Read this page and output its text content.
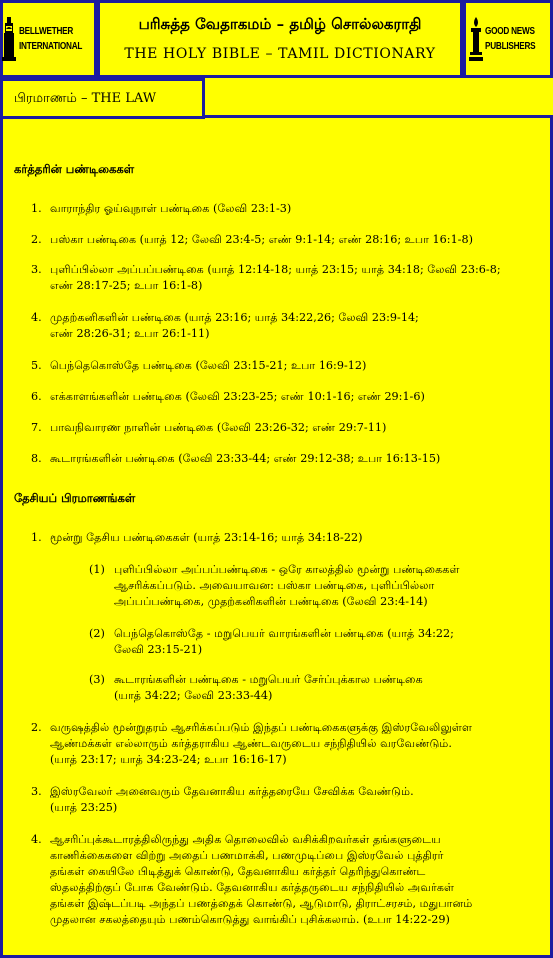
BELLWETHER
INTERNATIONAL
பரிசுத்த வேதாகமம் – தமிழ் சொல்லகராதி
THE HOLY BIBLE – TAMIL DICTIONARY
GOOD NEWS
PUBLISHERS
பிரமாணம் – THE LAW
கர்த்தரின் பண்டிகைகள்
1. வாராந்திர ஓய்வுநாள் பண்டிகை (லேவி 23:1-3)
2. பஸ்கா பண்டிகை (யாத் 12; லேவி 23:4-5; எண் 9:1-14; எண் 28:16; உபா 16:1-8)
3. புளிப்பில்லா அப்பப்பண்டிகை (யாத் 12:14-18; யாத் 23:15; யாத் 34:18; லேவி 23:6-8;
எண் 28:17-25; உபா 16:1-8)
4. முதற்கனிகளின் பண்டிகை (யாத் 23:16; யாத் 34:22,26; லேவி 23:9-14;
எண் 28:26-31; உபா 26:1-11)
5. பெந்தெகொஸ்தே பண்டிகை (லேவி 23:15-21; உபா 16:9-12)
6. எக்காளங்களின் பண்டிகை (லேவி 23:23-25; எண் 10:1-16; எண் 29:1-6)
7. பாவநிவாரண நாளின் பண்டிகை (லேவி 23:26-32; எண் 29:7-11)
8. கூடாரங்களின் பண்டிகை (லேவி 23:33-44; எண் 29:12-38; உபா 16:13-15)
தேசியப் பிரமாணங்கள்
1. மூன்று தேசிய பண்டிகைகள் (யாத் 23:14-16; யாத் 34:18-22)
(1) புளிப்பில்லா அப்பப்பண்டிகை - ஒரே காலத்தில் மூன்று பண்டிகைகள்
ஆசரிக்கப்படும். அவையாவன: பஸ்கா பண்டிகை, புளிப்பில்லா
அப்பப்பண்டிகை, முதற்கனிகளின் பண்டிகை (லேவி 23:4-14)
(2) பெந்தெகொஸ்தே - மறுபெயர் வாரங்களின் பண்டிகை (யாத் 34:22;
லேவி 23:15-21)
(3) கூடாரங்களின் பண்டிகை - மறுபெயர் சேர்ப்புக்கால பண்டிகை
(யாத் 34:22; லேவி 23:33-44)
2. வருஷத்தில் மூன்றுதரம் ஆசரிக்கப்படும் இந்தப் பண்டிகைகளுக்கு இஸ்ரவேலிலுள்ள
ஆண்மக்கள் எல்லாரும் கர்த்தராகிய ஆண்டவருடைய சந்நிதியில் வரவேண்டும்.
(யாத் 23:17; யாத் 34:23-24; உபா 16:16-17)
3. இஸ்ரவேலர் அனைவரும் தேவனாகிய கர்த்தரையே சேவிக்க வேண்டும்.
(யாத் 23:25)
4. ஆசரிப்புக்கூடாரத்திலிருந்து அதிக தொலைவில் வசிக்கிறவர்கள் தங்களுடைய
காணிக்கைகளை விற்று அதைப் பணமாக்கி, பணமுடிப்பை இஸ்ரவேல் புத்திரர்
தங்கள் கையிலே பிடித்துக் கொண்டு, தேவனாகிய கர்த்தர் தெரிந்துகொண்ட
ஸ்தலத்திற்குப் போக வேண்டும். தேவனாகிய கர்த்தருடைய சந்நிதியில் அவர்கள்
தங்கள் இஷ்டப்படி அந்தப் பணத்தைக் கொண்டு, ஆடுமாடு, திராட்சரசம், மதுபானம்
முதலான சகலத்தையும் பணம்கொடுத்து வாங்கிப் புசிக்கலாம். (உபா 14:22-29)
